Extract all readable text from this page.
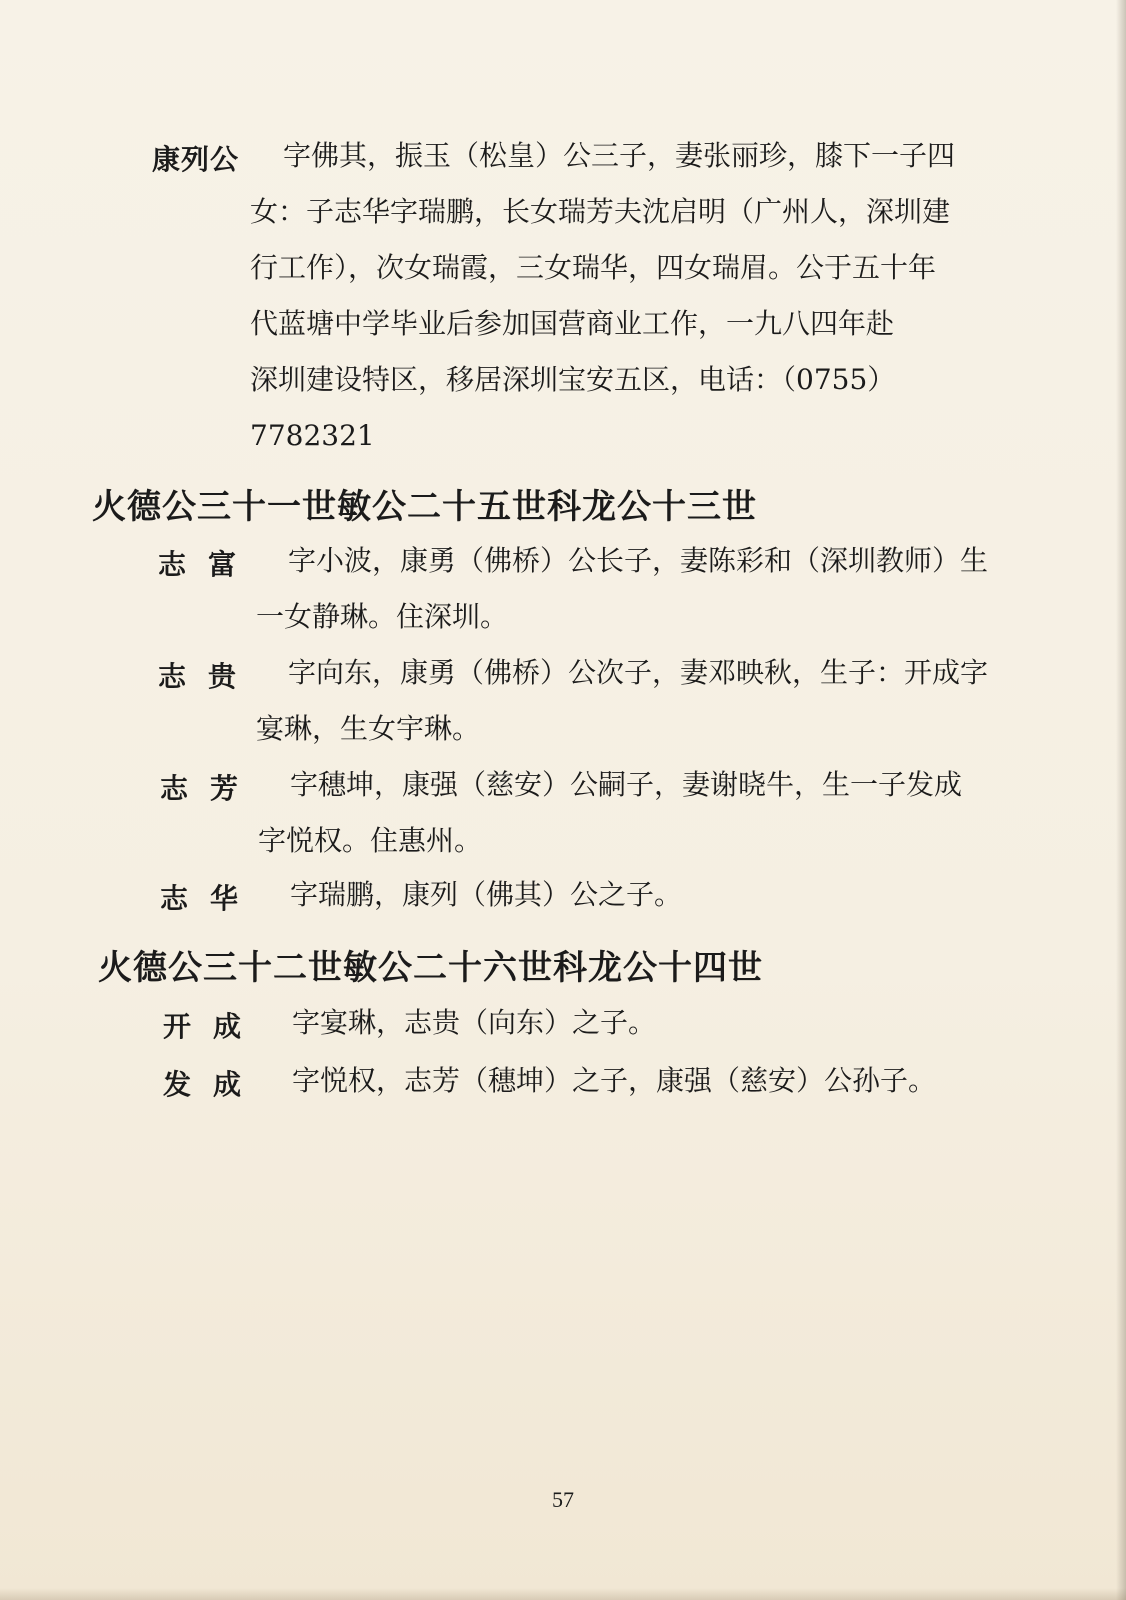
康列公 字佛其，振玉（松皇）公三子，妻张丽珍，膝下一子四
女：子志华字瑞鹏，长女瑞芳夫沈启明（广州人，深圳建
行工作），次女瑞霞，三女瑞华，四女瑞眉。公于五十年
代蓝塘中学毕业后参加国营商业工作，一九八四年赴
深圳建设特区，移居深圳宝安五区，电话：（0755）
7782321
火德公三十一世敏公二十五世科龙公十三世
志富 字小波，康勇（佛桥）公长子，妻陈彩和（深圳教师）生
一女静琳。住深圳。
志贵 字向东，康勇（佛桥）公次子，妻邓映秋，生子：开成字
宴琳，生女宇琳。
志芳 字穗坤，康强（慈安）公嗣子，妻谢晓牛，生一子发成
字悦权。住惠州。
志华 字瑞鹏，康列（佛其）公之子。
火德公三十二世敏公二十六世科龙公十四世
开成 字宴琳，志贵（向东）之子。
发成 字悦权，志芳（穗坤）之子，康强（慈安）公孙子。
57
